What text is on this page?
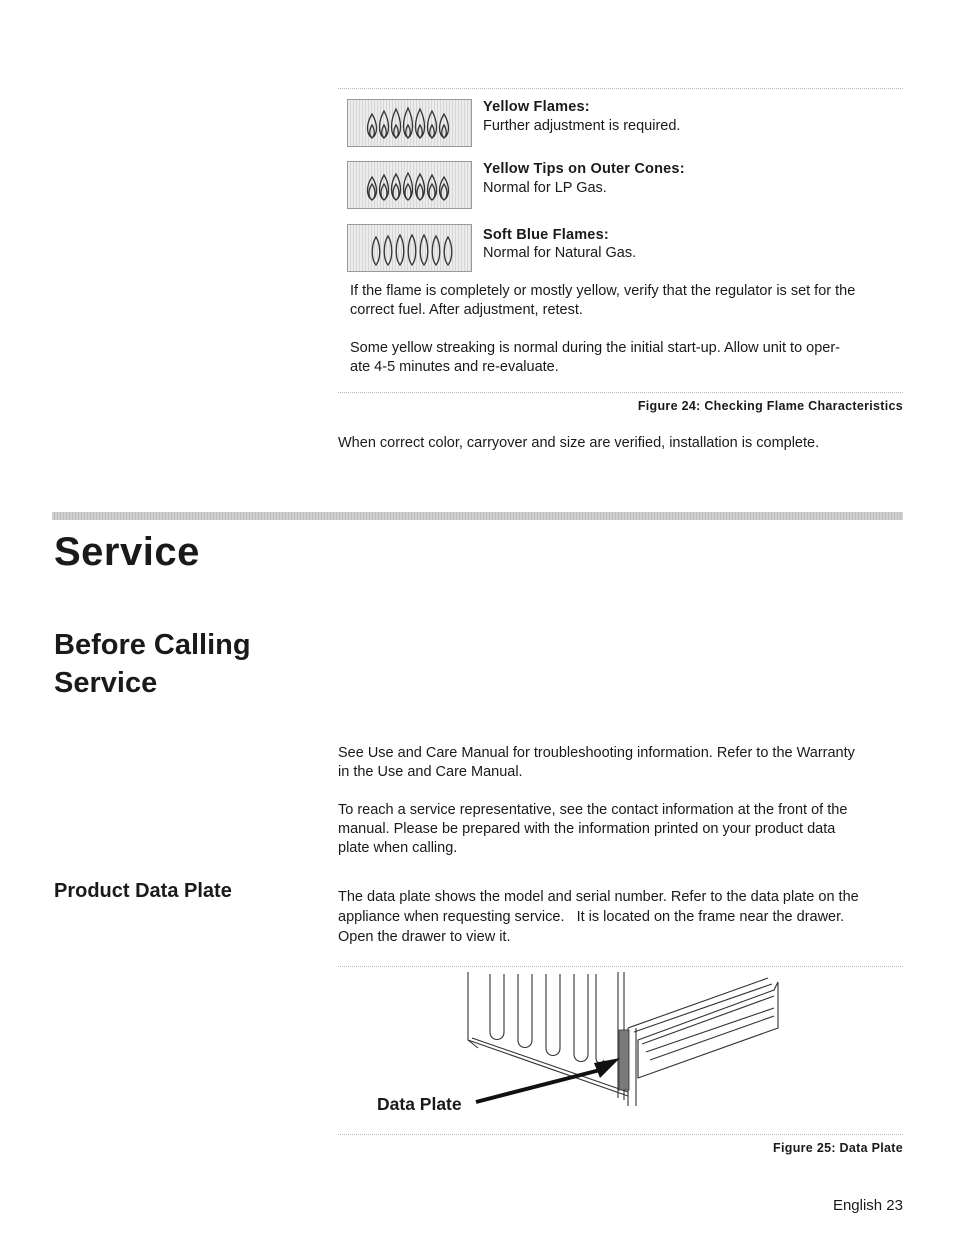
Yellow Flames:
Further adjustment is required.
Yellow Tips on Outer Cones:
Normal for LP Gas.
Soft Blue Flames:
Normal for Natural Gas.
If the flame is completely or mostly yellow, verify that the regulator is set for the
correct fuel. After adjustment, retest.
Some yellow streaking is normal during the initial start-up. Allow unit to oper-
ate 4-5 minutes and re-evaluate.
Figure 24: Checking Flame Characteristics
When correct color, carryover and size are verified, installation is complete.
Service
Before Calling
Service
See Use and Care Manual for troubleshooting information. Refer to the Warranty
in the Use and Care Manual.
To reach a service representative, see the contact information at the front of the
manual. Please be prepared with the information printed on your product data
plate when calling.
Product Data Plate	The data plate shows the model and serial number. Refer to the data plate on the
appliance when requesting service.   It is located on the frame near the drawer.
Open the drawer to view it.
Data Plate
Figure 25: Data Plate
English 23
